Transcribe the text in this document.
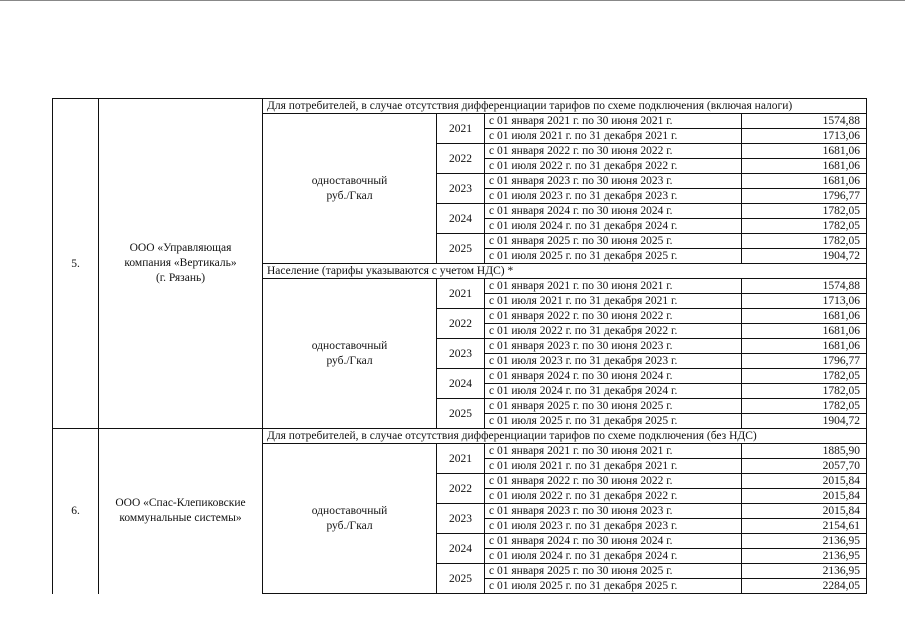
5.	ООО «Управляющая
компания «Вертикаль»
(г. Рязань)	Для потребителей, в случае отсутствия дифференциации тарифов по схеме подключения (включая налоги)			

		одноставочный
руб./Гкал	2021	с 01 января 2021 г. по 30 июня 2021 г.	1574,88
				с 01 июля 2021 г. по 31 декабря 2021 г.	1713,06
			2022	с 01 января 2022 г. по 30 июня 2022 г.	1681,06
				с 01 июля 2022 г. по 31 декабря 2022 г.	1681,06
			2023	с 01 января 2023 г. по 30 июня 2023 г.	1681,06
				с 01 июля 2023 г. по 31 декабря 2023 г.	1796,77
			2024	с 01 января 2024 г. по 30 июня 2024 г.	1782,05
				с 01 июля 2024 г. по 31 декабря 2024 г.	1782,05
			2025	с 01 января 2025 г. по 30 июня 2025 г.	1782,05
				с 01 июля 2025 г. по 31 декабря 2025 г.	1904,72
		Население (тарифы указываются с учетом НДС) *			

		одноставочный
руб./Гкал	2021	с 01 января 2021 г. по 30 июня 2021 г.	1574,88
				с 01 июля 2021 г. по 31 декабря 2021 г.	1713,06
			2022	с 01 января 2022 г. по 30 июня 2022 г.	1681,06
				с 01 июля 2022 г. по 31 декабря 2022 г.	1681,06
			2023	с 01 января 2023 г. по 30 июня 2023 г.	1681,06
				с 01 июля 2023 г. по 31 декабря 2023 г.	1796,77
			2024	с 01 января 2024 г. по 30 июня 2024 г.	1782,05
				с 01 июля 2024 г. по 31 декабря 2024 г.	1782,05
			2025	с 01 января 2025 г. по 30 июня 2025 г.	1782,05
				с 01 июля 2025 г. по 31 декабря 2025 г.	1904,72
6.	ООО «Спас-Клепиковские
коммунальные системы»	Для потребителей, в случае отсутствия дифференциации тарифов по схеме подключения (без НДС)			

		одноставочный
руб./Гкал	2021	с 01 января 2021 г. по 30 июня 2021 г.	1885,90
				с 01 июля 2021 г. по 31 декабря 2021 г.	2057,70
			2022	с 01 января 2022 г. по 30 июня 2022 г.	2015,84
				с 01 июля 2022 г. по 31 декабря 2022 г.	2015,84
			2023	с 01 января 2023 г. по 30 июня 2023 г.	2015,84
				с 01 июля 2023 г. по 31 декабря 2023 г.	2154,61
			2024	с 01 января 2024 г. по 30 июня 2024 г.	2136,95
				с 01 июля 2024 г. по 31 декабря 2024 г.	2136,95
			2025	с 01 января 2025 г. по 30 июня 2025 г.	2136,95
				с 01 июля 2025 г. по 31 декабря 2025 г.	2284,05
